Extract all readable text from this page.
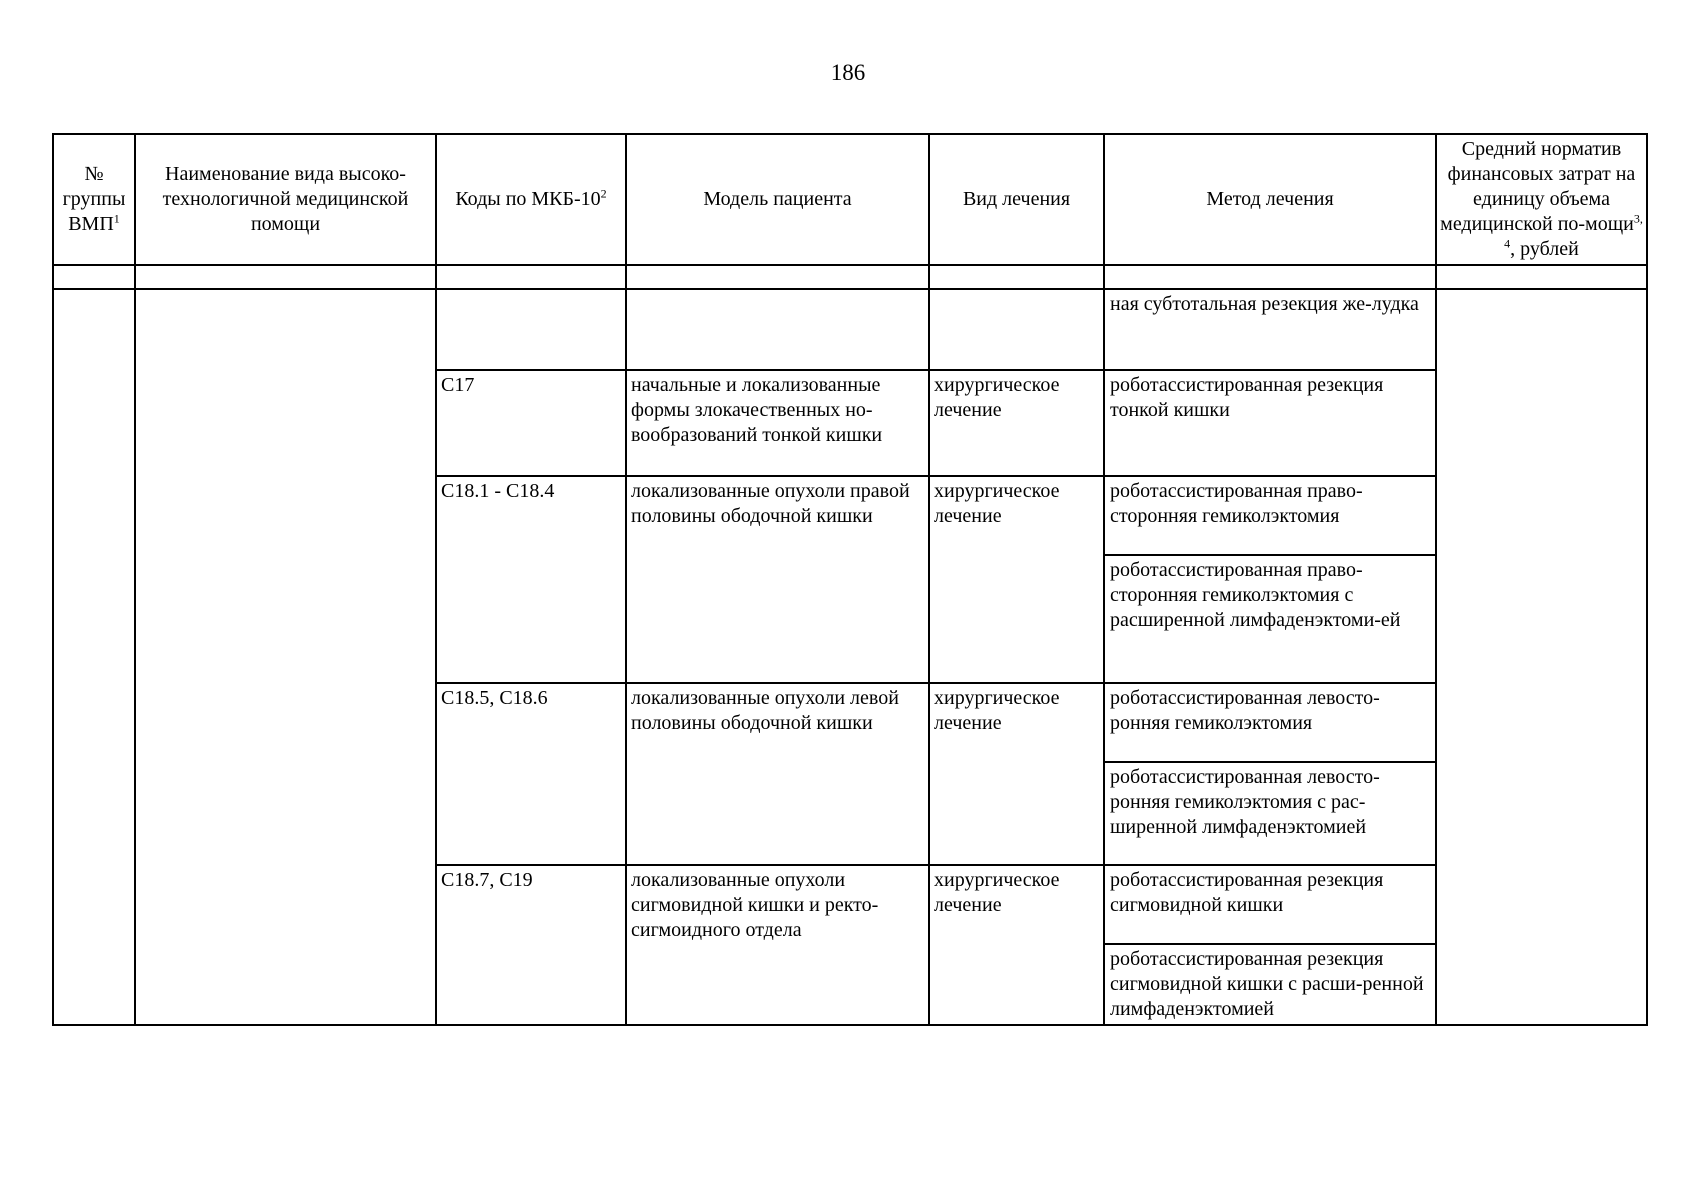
186
№ группы ВМП$^1$	Наименование вида высоко-технологичной медицинской помощи	Коды по МКБ-$10^2$	Модель пациента	Вид лечения	Метод лечения	Средний норматив финансовых затрат на единицу объема медицинской по-мощи$^{3, 4}$, рублей

					ная субтотальная резекция же-лудка	
		C17	начальные и локализованные формы злокачественных но-вообразований тонкой кишки	хирургическое лечение	роботассистированная резекция тонкой кишки	
		C18.1 - C18.4	локализованные опухоли правой половины ободочной кишки	хирургическое лечение	роботассистированная право-сторонняя гемиколэктомия	
					роботассистированная право-сторонняя гемиколэктомия с расширенной лимфаденэктоми-ей	
		C18.5, C18.6	локализованные опухоли левой половины ободочной кишки	хирургическое лечение	роботассистированная левосто-ронняя гемиколэктомия	
					роботассистированная левосто-ронняя гемиколэктомия с рас-ширенной лимфаденэктомией	
		C18.7, C19	локализованные опухоли сигмовидной кишки и ректо-сигмоидного отдела	хирургическое лечение	роботассистированная резекция сигмовидной кишки	
					роботассистированная резекция сигмовидной кишки с расши-ренной лимфаденэктомией	
